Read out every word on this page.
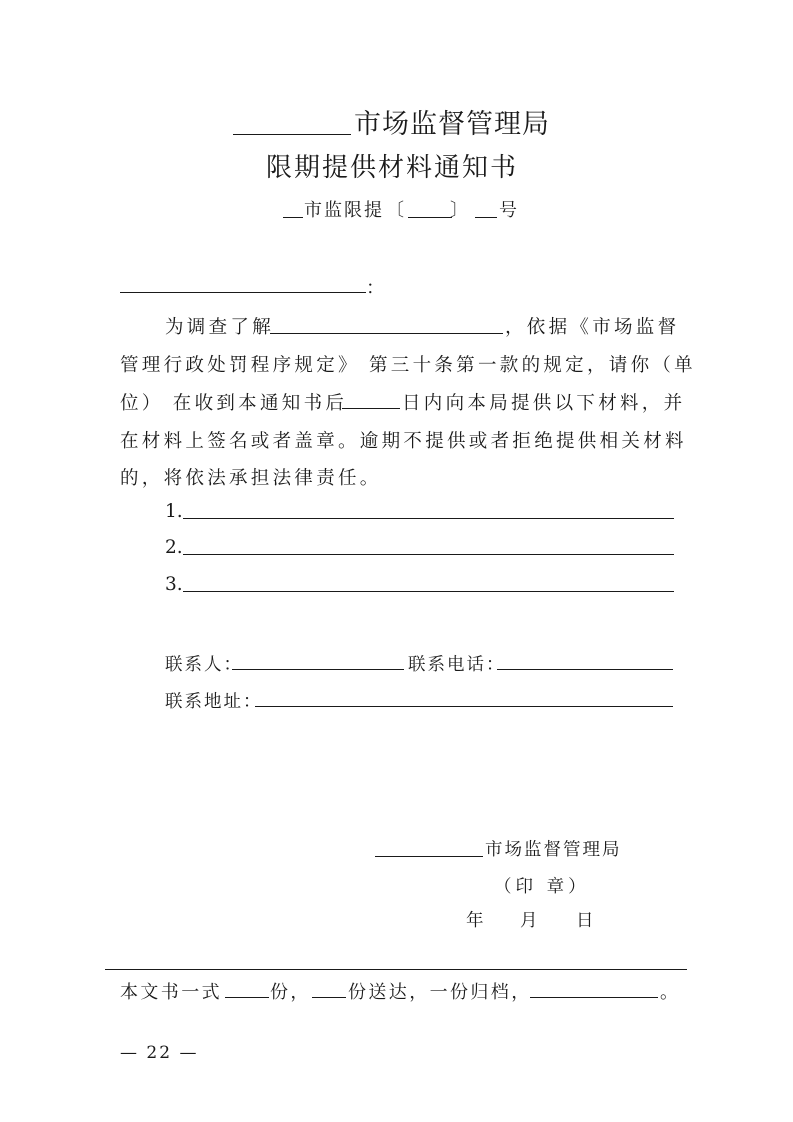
市场监督管理局
限期提供材料通知书
市监限提 〔 〕 号
：
为调查了解	，依据《市场监督
管理行政处罚程序规定》 第三十条第一款的规定，请你（单
位） 在收到本通知书后	日内向本局提供以下材料，并
在材料上签名或者盖章。逾期不提供或者拒绝提供相关材料
的，将依法承担法律责任。
1.
2.
3.
联系人：	联系电话：
联系地址：
市场监督管理局
（印 章）
年 月 日
本文书一式	份， 份送达，一份归档，	。
— 22 —
